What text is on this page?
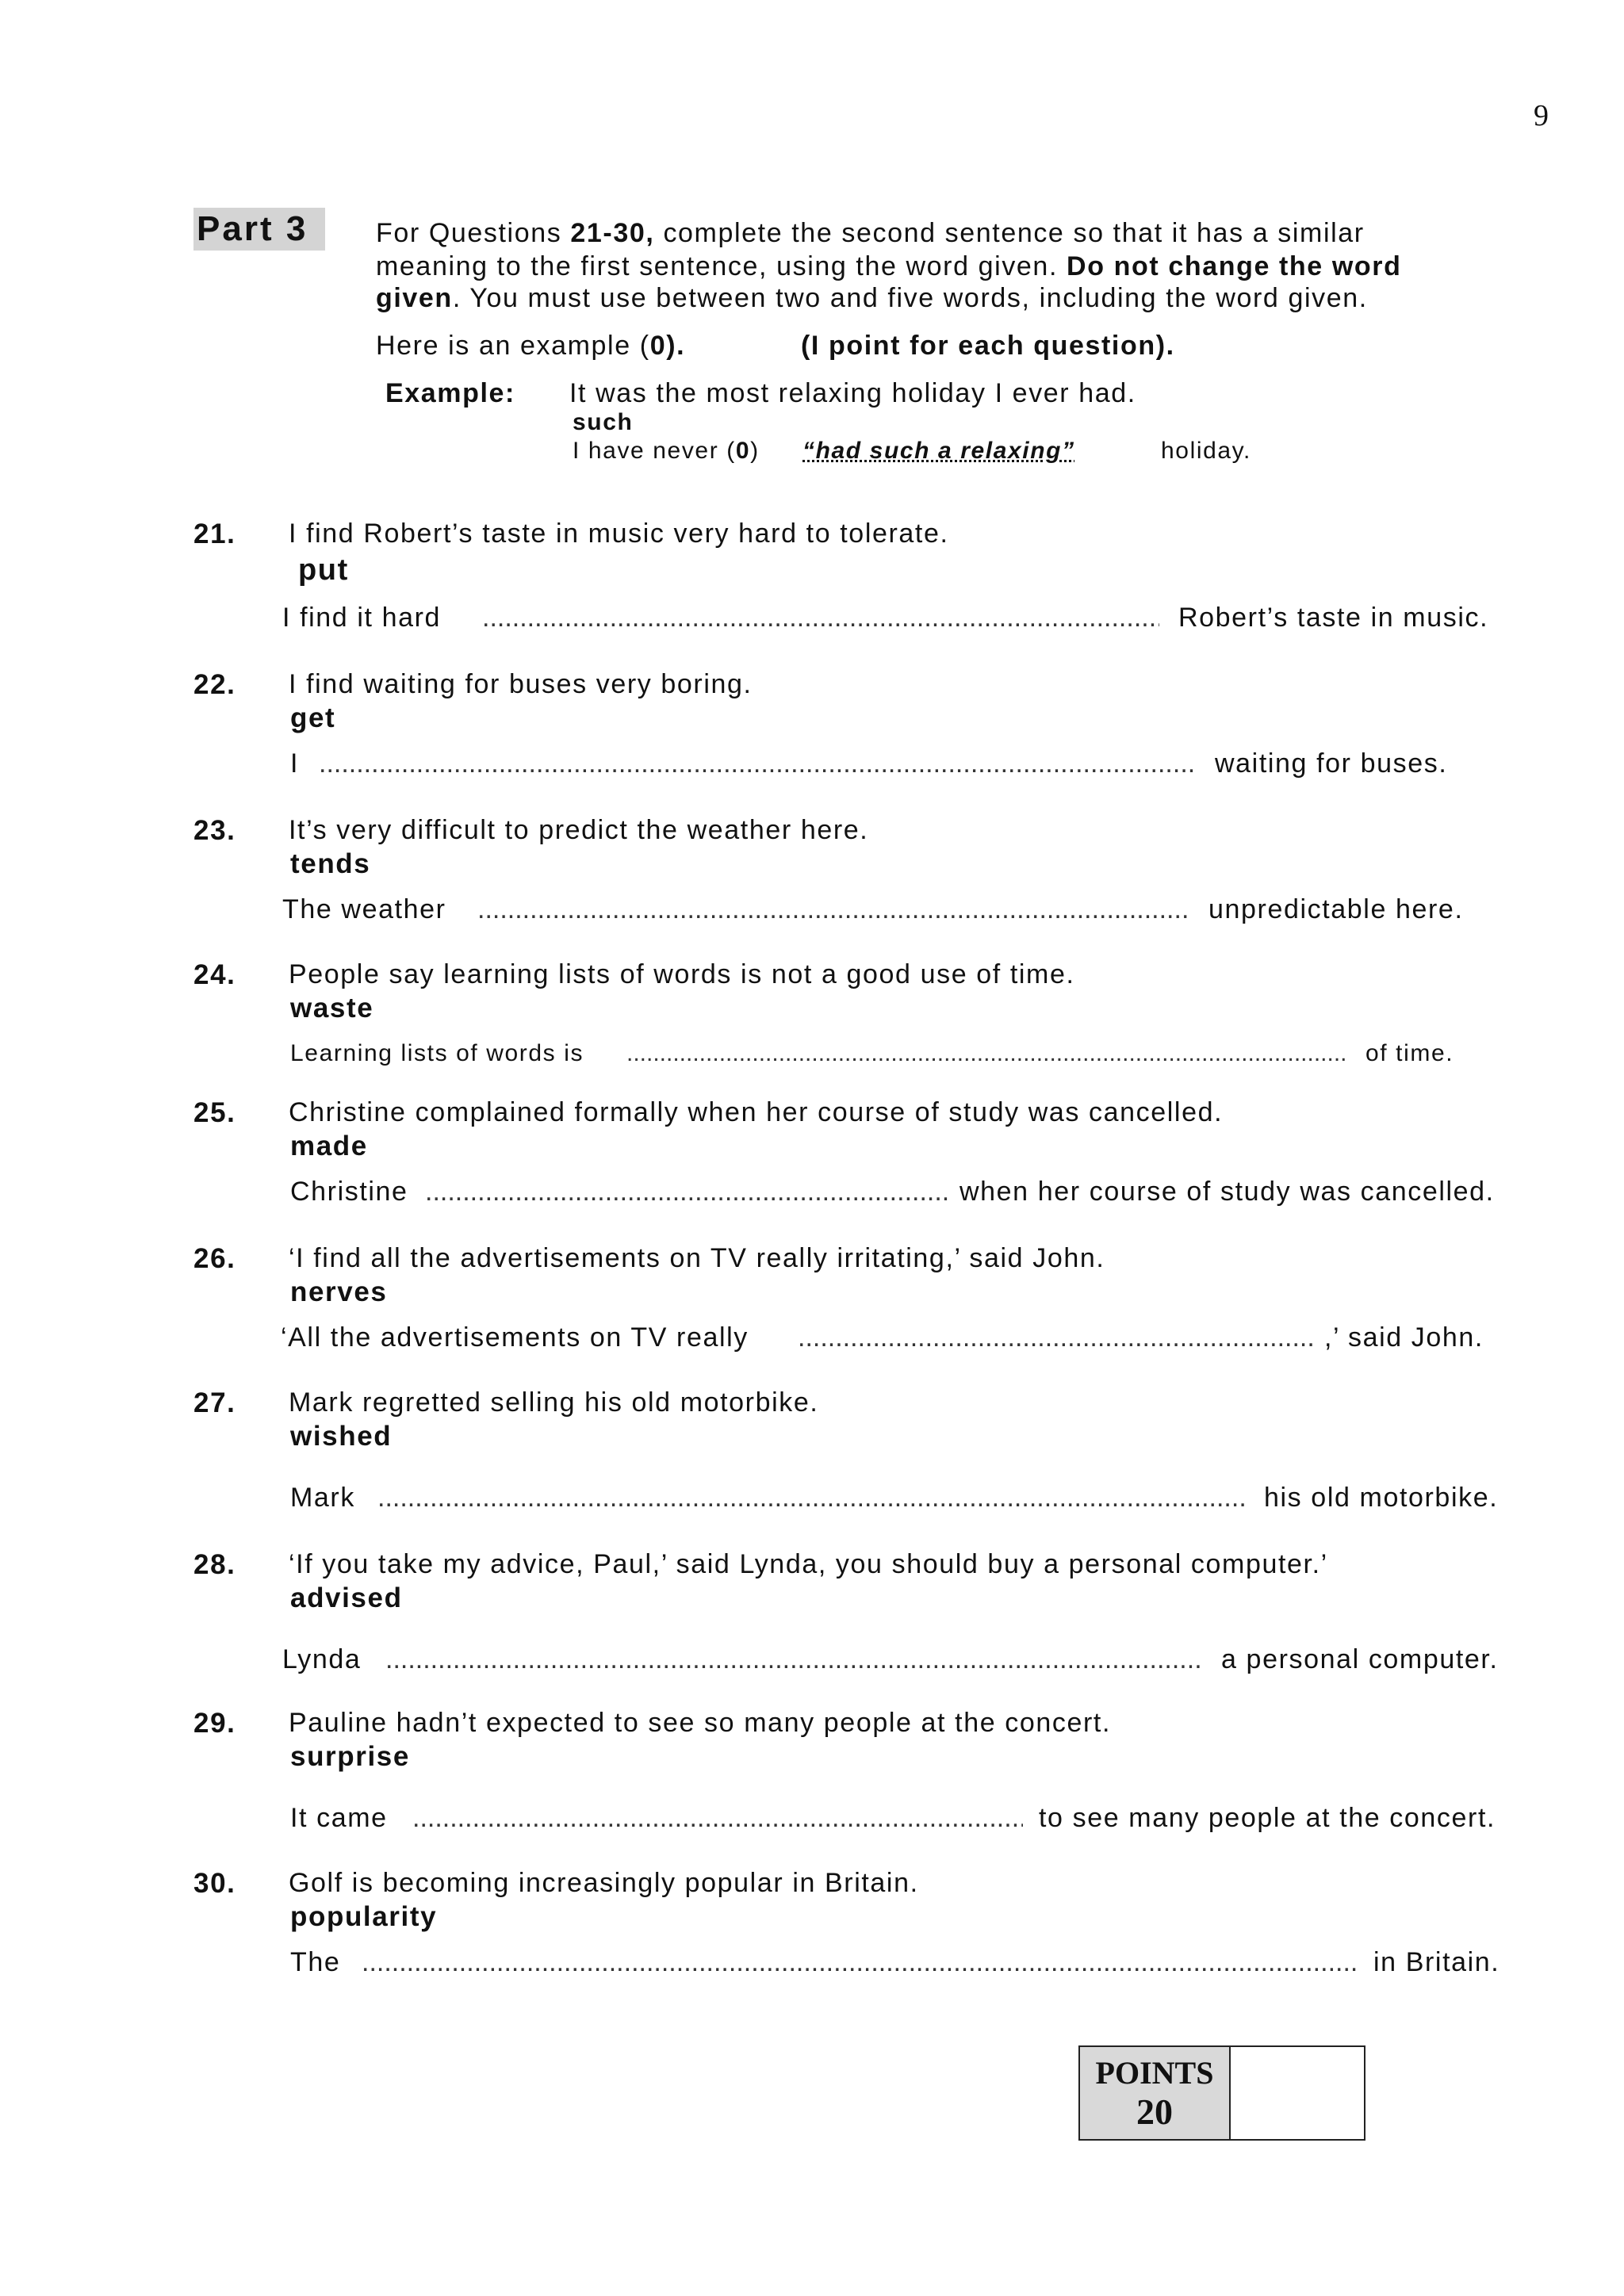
9
Part 3	For Questions 21-30, complete the second sentence so that it has a similar
meaning to the first sentence, using the word given. Do not change the word
given. You must use between two and five words, including the word given.
Here is an example (0).	(I point for each question).
Example: It was the most relaxing holiday I ever had.
such
I have never (0) “had such a relaxing”	holiday.
21. I find Robert’s taste in music very hard to tolerate.
put
I find it hard .....	Robert’s taste in music.
22. I find waiting for buses very boring.
get
I .....	waiting for buses.
23. It’s very difficult to predict the weather here.
tends
The weather .....	unpredictable here.
24. People say learning lists of words is not a good use of time.
waste
Learning lists of words is .....	of time.
25. Christine complained formally when her course of study was cancelled.
made
Christine .....	when her course of study was cancelled.
26. ‘I find all the advertisements on TV really irritating,’ said John.
nerves
‘All the advertisements on TV really .....	,’ said John.
27. Mark regretted selling his old motorbike.
wished
Mark .....	his old motorbike.
28. ‘If you take my advice, Paul,’ said Lynda, you should buy a personal computer.’
advised
Lynda .....	a personal computer.
29. Pauline hadn’t expected to see so many people at the concert.
surprise
It came .....	to see many people at the concert.
30. Golf is becoming increasingly popular in Britain.
popularity
The .....	in Britain.
POINTS
20
